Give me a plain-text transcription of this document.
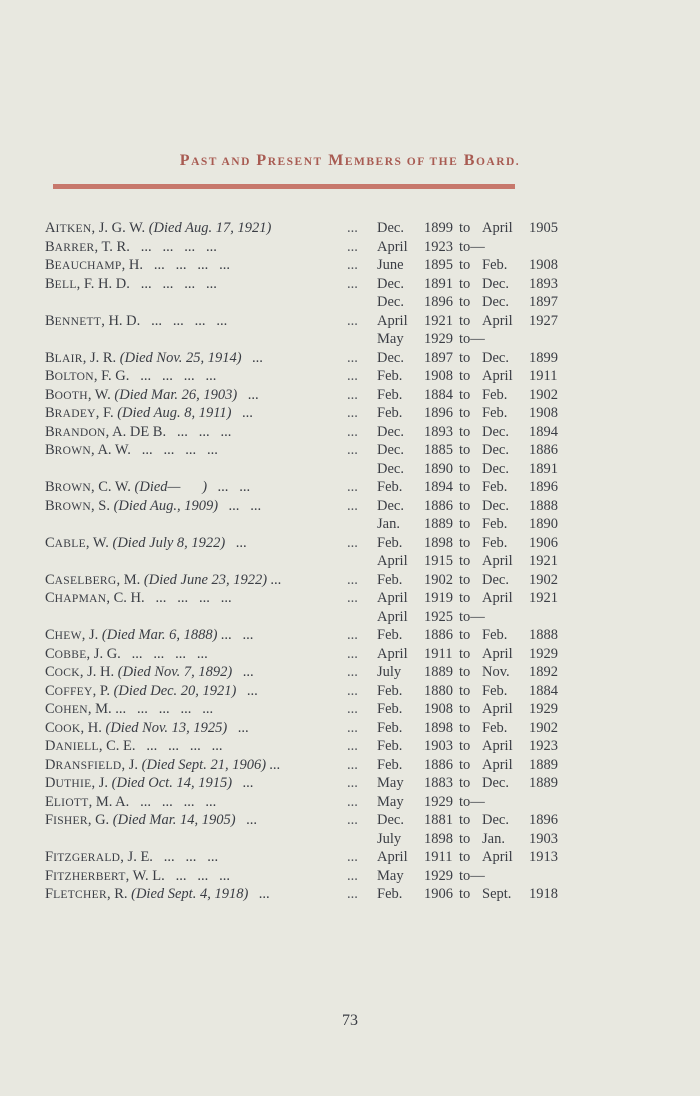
PAST AND PRESENT MEMBERS OF THE BOARD.
AITKEN, J. G. W. (Died Aug. 17, 1921)	... Dec. 1899 to April 1905
BARRER, T. R.   ...   ...   ...   ...	... April 1923 to—
BEAUCHAMP, H.   ...   ...   ...   ...	... June 1895 to Feb. 1908
BELL, F. H. D.   ...   ...   ...   ...	... Dec. 1891 to Dec. 1893
Dec. 1896 to Dec. 1897
BENNETT, H. D.   ...   ...   ...   ...	... April 1921 to April 1927
May 1929 to—
BLAIR, J. R. (Died Nov. 25, 1914)   ...	... Dec. 1897 to Dec. 1899
BOLTON, F. G.   ...   ...   ...   ...	... Feb. 1908 to April 1911
BOOTH, W. (Died Mar. 26, 1903)   ...	... Feb. 1884 to Feb. 1902
BRADEY, F. (Died Aug. 8, 1911)   ...	... Feb. 1896 to Feb. 1908
BRANDON, A. DE B.   ...   ...   ...	... Dec. 1893 to Dec. 1894
BROWN, A. W.   ...   ...   ...   ...	... Dec. 1885 to Dec. 1886
Dec. 1890 to Dec. 1891
BROWN, C. W. (Died—      )   ...   ...	... Feb. 1894 to Feb. 1896
BROWN, S. (Died Aug., 1909)   ...   ...	... Dec. 1886 to Dec. 1888
Jan. 1889 to Feb. 1890
CABLE, W. (Died July 8, 1922)   ...	... Feb. 1898 to Feb. 1906
April 1915 to April 1921
CASELBERG, M. (Died June 23, 1922) ...	... Feb. 1902 to Dec. 1902
CHAPMAN, C. H.   ...   ...   ...   ...	... April 1919 to April 1921
April 1925 to—
CHEW, J. (Died Mar. 6, 1888) ...   ...	... Feb. 1886 to Feb. 1888
COBBE, J. G.   ...   ...   ...   ...	... April 1911 to April 1929
COCK, J. H. (Died Nov. 7, 1892)   ...	... July 1889 to Nov. 1892
COFFEY, P. (Died Dec. 20, 1921)   ...	... Feb. 1880 to Feb. 1884
COHEN, M. ...   ...   ...   ...   ...	... Feb. 1908 to April 1929
COOK, H. (Died Nov. 13, 1925)   ...	... Feb. 1898 to Feb. 1902
DANIELL, C. E.   ...   ...   ...   ...	... Feb. 1903 to April 1923
DRANSFIELD, J. (Died Sept. 21, 1906) ...	... Feb. 1886 to April 1889
DUTHIE, J. (Died Oct. 14, 1915)   ...	... May 1883 to Dec. 1889
ELIOTT, M. A.   ...   ...   ...   ...	... May 1929 to—
FISHER, G. (Died Mar. 14, 1905)   ...	... Dec. 1881 to Dec. 1896
July 1898 to Jan. 1903
FITZGERALD, J. E.   ...   ...   ...	... April 1911 to April 1913
FITZHERBERT, W. L.   ...   ...   ...	... May 1929 to—
FLETCHER, R. (Died Sept. 4, 1918)   ...	... Feb. 1906 to Sept. 1918
73
